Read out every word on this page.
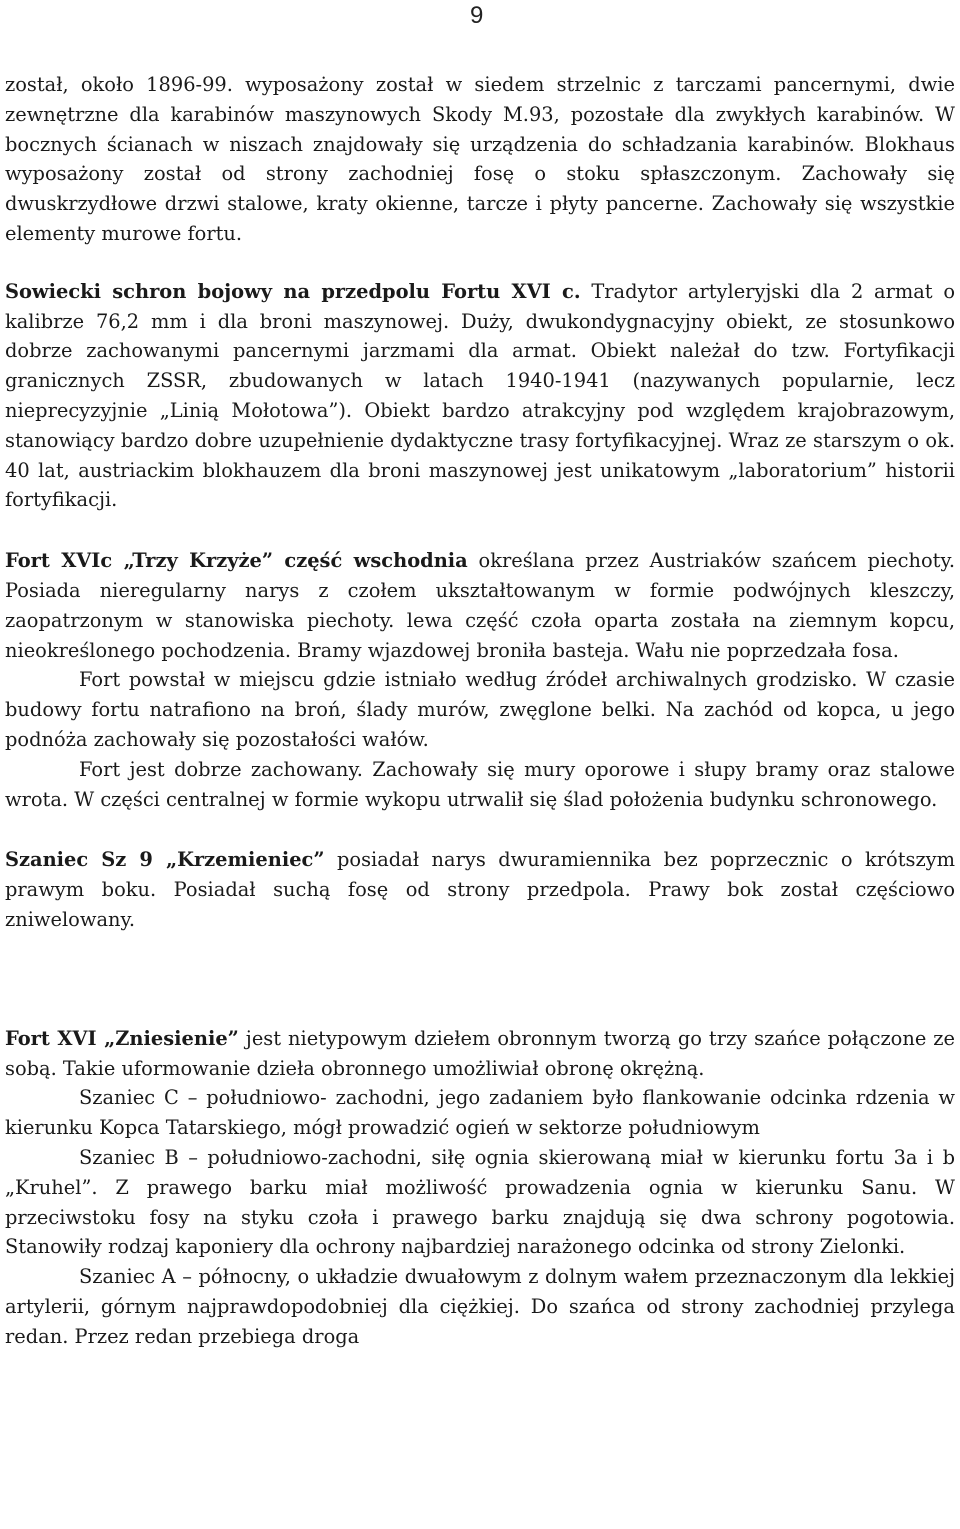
9

został, około 1896-99. wyposażony został w siedem strzelnic z tarczami pancernymi, dwie zewnętrzne dla karabinów maszynowych Skody M.93, pozostałe dla zwykłych karabinów. W bocznych ścianach w niszach znajdowały się urządzenia do schładzania karabinów. Blokhaus wyposażony został od strony zachodniej fosę o stoku spłaszczonym. Zachowały się dwuskrzydłowe drzwi stalowe, kraty okienne, tarcze i płyty pancerne. Zachowały się wszystkie elementy murowe fortu.

Sowiecki schron bojowy na przedpolu Fortu XVI c. Tradytor artyleryjski dla 2 armat o kalibrze 76,2 mm i dla broni maszynowej. Duży, dwukondygnacyjny obiekt, ze stosunkowo dobrze zachowanymi pancernymi jarzmami dla armat. Obiekt należał do tzw. Fortyfikacji granicznych ZSSR, zbudowanych w latach 1940-1941 (nazywanych popularnie, lecz nieprecyzyjnie „Linią Mołotowa”). Obiekt bardzo atrakcyjny pod względem krajobrazowym, stanowiący bardzo dobre uzupełnienie dydaktyczne trasy fortyfikacyjnej. Wraz ze starszym o ok. 40 lat, austriackim blokhauzem dla broni maszynowej jest unikatowym „laboratorium” historii fortyfikacji.

Fort XVIc „Trzy Krzyże” część wschodnia określana przez Austriaków szańcem piechoty. Posiada nieregularny narys z czołem ukształtowanym w formie podwójnych kleszczy, zaopatrzonym w stanowiska piechoty. lewa część czoła oparta została na ziemnym kopcu, nieokreślonego pochodzenia. Bramy wjazdowej broniła basteja. Wału nie poprzedzała fosa.

Fort powstał w miejscu gdzie istniało według źródeł archiwalnych grodzisko. W czasie budowy fortu natrafiono na broń, ślady murów, zwęglone belki. Na zachód od kopca, u jego podnóża zachowały się pozostałości wałów.

Fort jest dobrze zachowany. Zachowały się mury oporowe i słupy bramy oraz stalowe wrota. W części centralnej w formie wykopu utrwalił się ślad położenia budynku schronowego.

Szaniec Sz 9 „Krzemieniec” posiadał narys dwuramiennika bez poprzecznic o krótszym prawym boku. Posiadał suchą fosę od strony przedpola. Prawy bok został częściowo zniwelowany.

Fort XVI „Zniesienie” jest nietypowym dziełem obronnym tworzą go trzy szańce połączone ze sobą. Takie uformowanie dzieła obronnego umożliwiał obronę okrężną.

Szaniec C – południowo- zachodni, jego zadaniem było flankowanie odcinka rdzenia w kierunku Kopca Tatarskiego, mógł prowadzić ogień w sektorze południowym

Szaniec B – południowo-zachodni, siłę ognia skierowaną miał w kierunku fortu 3a i b „Kruhel”. Z prawego barku miał możliwość prowadzenia ognia w kierunku Sanu. W przeciwstoku fosy na styku czoła i prawego barku znajdują się dwa schrony pogotowia. Stanowiły rodzaj kaponiery dla ochrony najbardziej narażonego odcinka od strony Zielonki.

Szaniec A – północny, o układzie dwuałowym z dolnym wałem przeznaczonym dla lekkiej artylerii, górnym najprawdopodobniej dla ciężkiej. Do szańca od strony zachodniej przylega redan. Przez redan przebiega droga
